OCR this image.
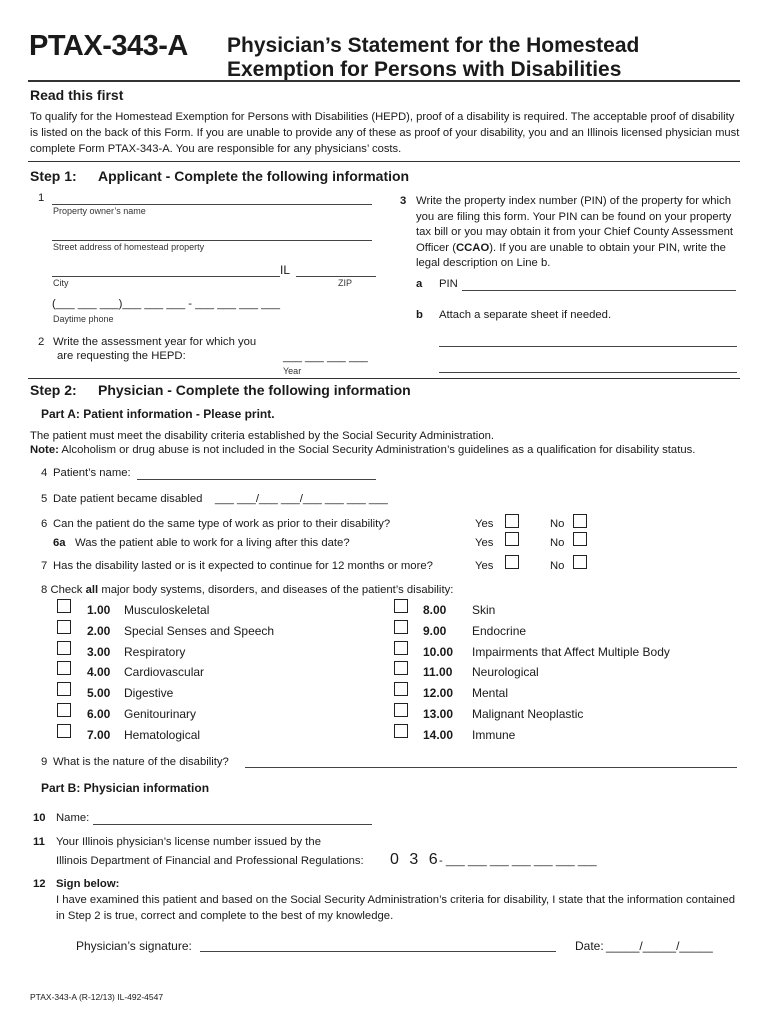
PTAX-343-A Physician’s Statement for the Homestead
Exemption for Persons with Disabilities
Read this first
To qualify for the Homestead Exemption for Persons with Disabilities (HEPD), proof of a disability is required. The acceptable proof of disability is listed on the back of this Form. If you are unable to provide any of these as proof of your disability, you and an Illinois licensed physician must complete Form PTAX-343-A. You are responsible for any physicians’ costs.
Step 1: Applicant - Complete the following information
1
Property owner’s name
Street address of homestead property
IL
City	ZIP
(___ ___ ___)___ ___ ___ - ___ ___ ___ ___
Daytime phone
2 Write the assessment year for which you
are requesting the HEPD:	___ ___ ___ ___
Year
3 Write the property index number (PIN) of the property for which you are filing this form. Your PIN can be found on your property tax bill or you may obtain it from your Chief County Assessment Officer (CCAO). If you are unable to obtain your PIN, write the legal description on Line b.
a PIN
b Attach a separate sheet if needed.
Step 2: Physician - Complete the following information
Part A: Patient information - Please print.
The patient must meet the disability criteria established by the Social Security Administration.
Note: Alcoholism or drug abuse is not included in the Social Security Administration’s guidelines as a qualification for disability status.
4 Patient’s name:
5 Date patient became disabled ___ ___/___ ___/___ ___ ___ ___
6 Can the patient do the same type of work as prior to their disability?	Yes	No
6a Was the patient able to work for a living after this date?	Yes	No
7 Has the disability lasted or is it expected to continue for 12 months or more?	Yes	No
8 Check all major body systems, disorders, and diseases of the patient’s disability:
1.00 Musculoskeletal
2.00 Special Senses and Speech
3.00 Respiratory
4.00 Cardiovascular
5.00 Digestive
6.00 Genitourinary
7.00 Hematological
8.00 Skin
9.00 Endocrine
10.00 Impairments that Affect Multiple Body
11.00 Neurological
12.00 Mental
13.00 Malignant Neoplastic
14.00 Immune
9 What is the nature of the disability?
Part B: Physician information
10 Name:
11 Your Illinois physician’s license number issued by the
Illinois Department of Financial and Professional Regulations: 0 3 6
- ___ ___ ___ ___ ___ ___ ___
12 Sign below:
I have examined this patient and based on the Social Security Administration’s criteria for disability, I state that the information contained in Step 2 is true, correct and complete to the best of my knowledge.
Physician’s signature:	Date: _____/_____/_____
PTAX-343-A (R-12/13) IL-492-4547
